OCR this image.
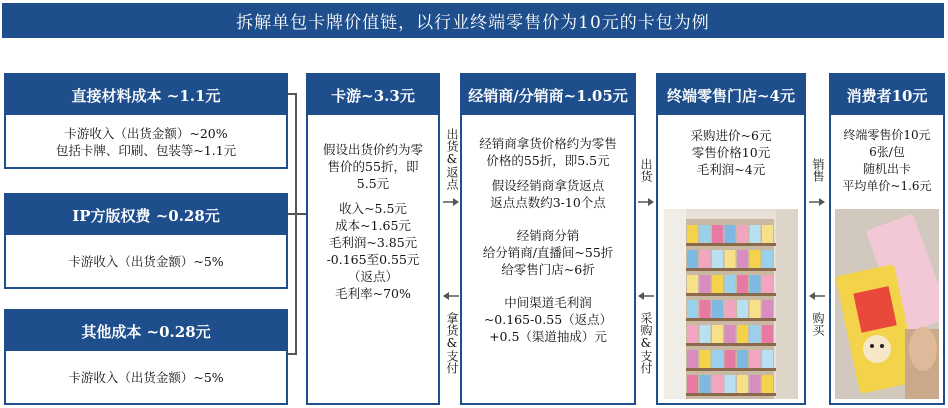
拆解单包卡牌价值链，以行业终端零售价为10元的卡包为例
直接材料成本 ~1.1元
卡游收入（出货金额）~20%
包括卡牌、印刷、包装等~1.1元
IP方版权费 ~0.28元
卡游收入（出货金额）~5%
其他成本 ~0.28元
卡游收入（出货金额）~5%
卡游~3.3元
假设出货价约为零
售价的55折，即
5.5元
收入~5.5元
成本~1.65元
毛利润~3.85元
-0.165至0.55元
（返点）
毛利率~70%
出货&返点
拿货&支付
经销商/分销商~1.05元
经销商拿货价格约为零售
价格的55折，即5.5元
假设经销商拿货返点
返点点数约3-10个点
经销商分销
给分销商/直播间~55折
给零售门店~6折
中间渠道毛利润
~0.165-0.55（返点）
+0.5（渠道抽成）元
出货
采购&支付
终端零售门店~4元
采购进价~6元
零售价格10元
毛利润~4元	销售
购买
消费者10元
终端零售价10元
6张/包
随机出卡
平均单价~1.6元
